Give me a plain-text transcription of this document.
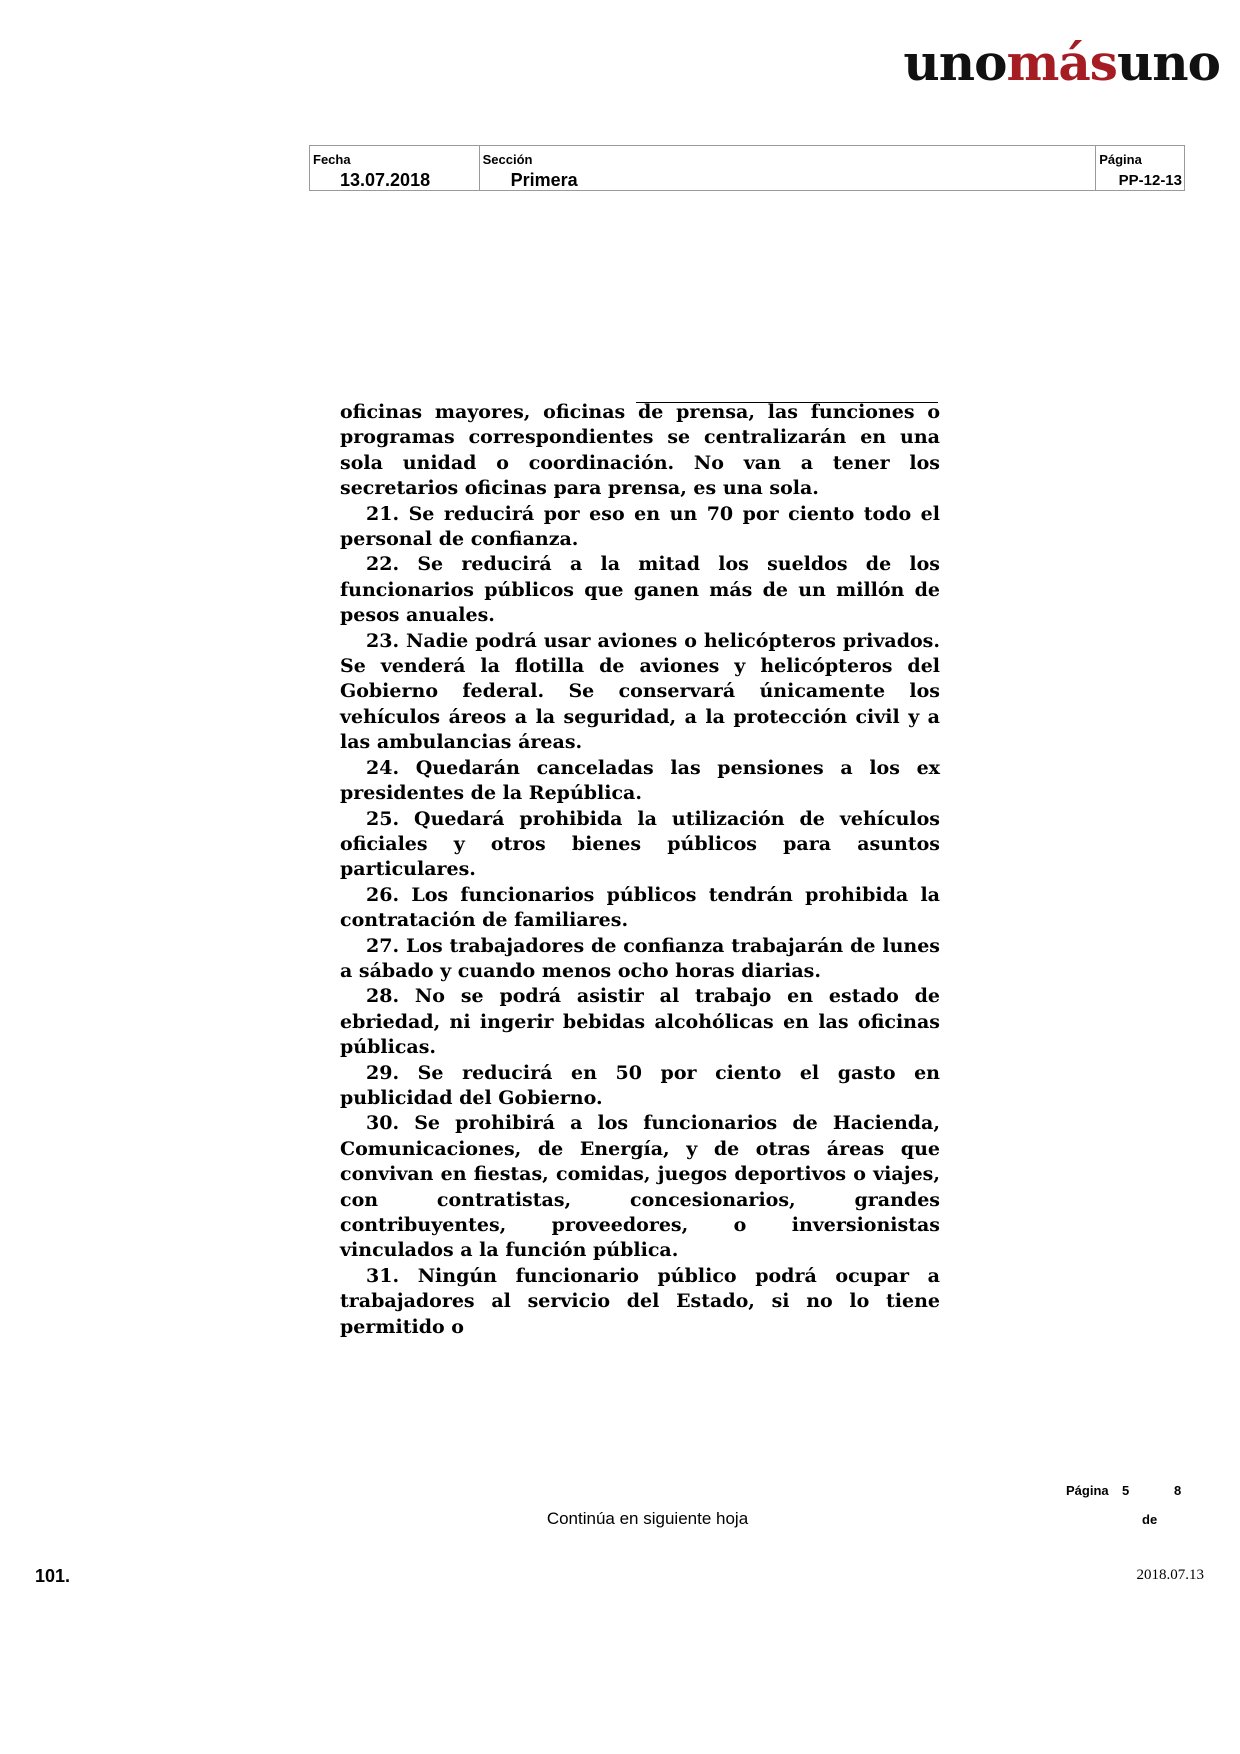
unomásuno
Fecha
13.07.2018
Sección
Primera
Página
PP-12-13

oficinas mayores, oficinas de prensa, las funciones o programas correspondientes se centralizarán en una sola unidad o coordinación. No van a tener los secretarios oficinas para prensa, es una sola.

21. Se reducirá por eso en un 70 por ciento todo el personal de confianza.

22. Se reducirá a la mitad los sueldos de los funcionarios públicos que ganen más de un millón de pesos anuales.

23. Nadie podrá usar aviones o helicópteros privados. Se venderá la flotilla de aviones y helicópteros del Gobierno federal. Se conservará únicamente los vehículos áreos a la seguridad, a la protección civil y a las ambulancias áreas.

24. Quedarán canceladas las pensiones a los ex presidentes de la República.

25. Quedará prohibida la utilización de vehículos oficiales y otros bienes públicos para asuntos particulares.

26. Los funcionarios públicos tendrán prohibida la contratación de familiares.

27. Los trabajadores de confianza trabajarán de lunes a sábado y cuando menos ocho horas diarias.

28. No se podrá asistir al trabajo en estado de ebriedad, ni ingerir bebidas alcohólicas en las oficinas públicas.

29. Se reducirá en 50 por ciento el gasto en publicidad del Gobierno.

30. Se prohibirá a los funcionarios de Hacienda, Comunicaciones, de Energía, y de otras áreas que convivan en fiestas, comidas, juegos deportivos o viajes, con contratistas, concesionarios, grandes contribuyentes, proveedores, o inversionistas vinculados a la función pública.

31. Ningún funcionario público podrá ocupar a trabajadores al servicio del Estado, si no lo tiene permitido o

Página 5	8
de
Continúa en siguiente hoja
101.	2018.07.13
